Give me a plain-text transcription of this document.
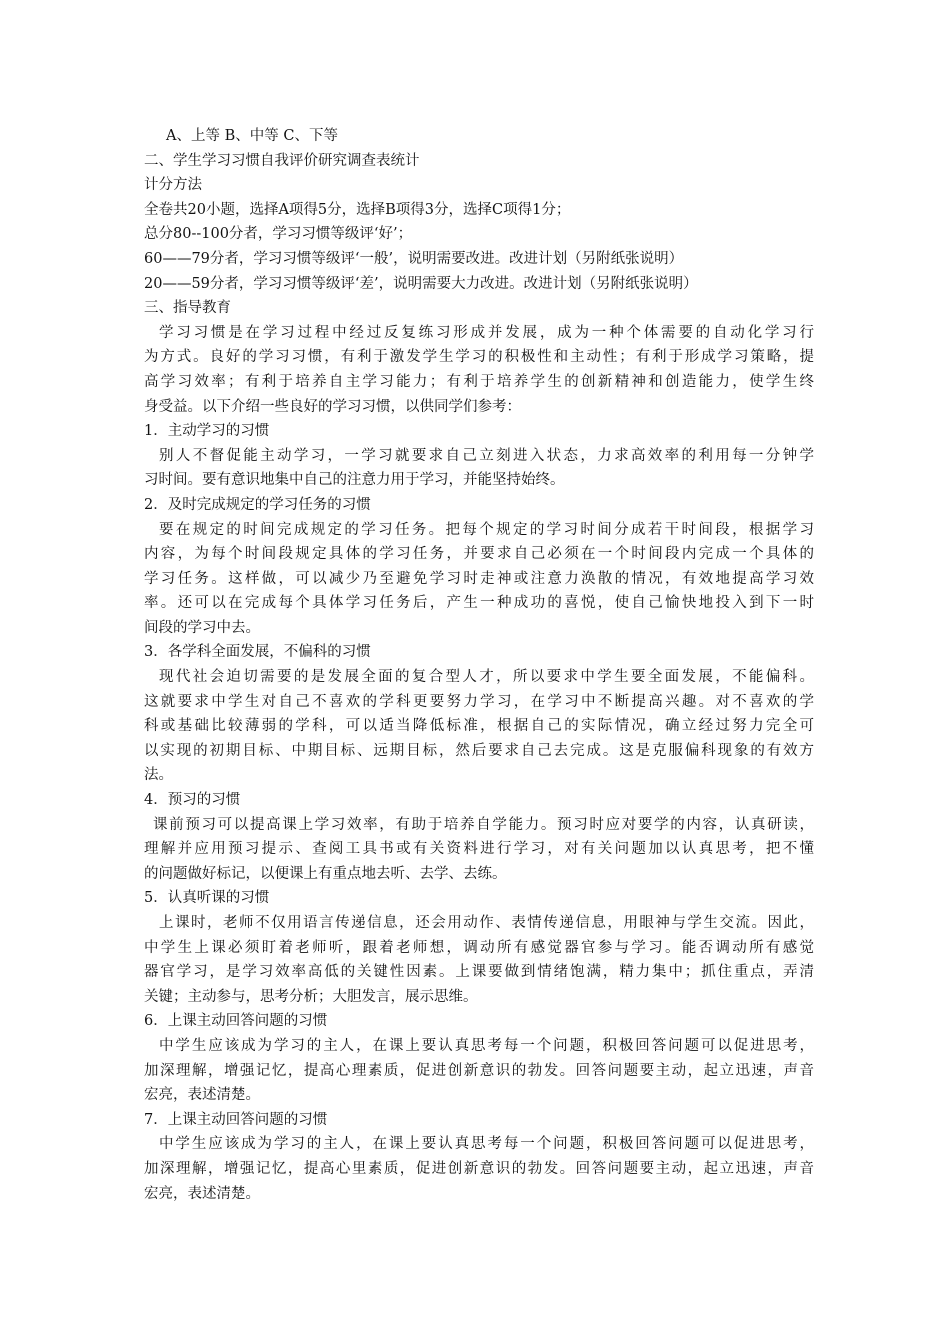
A、上等 B、中等 C、下等
二、学生学习习惯自我评价研究调查表统计
计分方法
全卷共20小题，选择A项得5分，选择B项得3分，选择C项得1分；
总分80--100分者，学习习惯等级评‘好’；
60——79分者，学习习惯等级评‘一般’，说明需要改进。改进计划（另附纸张说明）
20——59分者，学习习惯等级评‘差’，说明需要大力改进。改进计划（另附纸张说明）
三、指导教育
学习习惯是在学习过程中经过反复练习形成并发展，成为一种个体需要的自动化学习行
为方式。良好的学习习惯，有利于激发学生学习的积极性和主动性；有利于形成学习策略，提
高学习效率；有利于培养自主学习能力；有利于培养学生的创新精神和创造能力，使学生终
身受益。以下介绍一些良好的学习习惯，以供同学们参考：
1．主动学习的习惯
别人不督促能主动学习，一学习就要求自己立刻进入状态，力求高效率的利用每一分钟学
习时间。要有意识地集中自己的注意力用于学习，并能坚持始终。
2．及时完成规定的学习任务的习惯
要在规定的时间完成规定的学习任务。把每个规定的学习时间分成若干时间段，根据学习
内容，为每个时间段规定具体的学习任务，并要求自己必须在一个时间段内完成一个具体的
学习任务。这样做，可以减少乃至避免学习时走神或注意力涣散的情况，有效地提高学习效
率。还可以在完成每个具体学习任务后，产生一种成功的喜悦，使自己愉快地投入到下一时
间段的学习中去。
3．各学科全面发展，不偏科的习惯
现代社会迫切需要的是发展全面的复合型人才，所以要求中学生要全面发展，不能偏科。
这就要求中学生对自己不喜欢的学科更要努力学习，在学习中不断提高兴趣。对不喜欢的学
科或基础比较薄弱的学科，可以适当降低标准，根据自己的实际情况，确立经过努力完全可
以实现的初期目标、中期目标、远期目标，然后要求自己去完成。这是克服偏科现象的有效方
法。
4．预习的习惯
课前预习可以提高课上学习效率，有助于培养自学能力。预习时应对要学的内容，认真研读，
理解并应用预习提示、查阅工具书或有关资料进行学习，对有关问题加以认真思考，把不懂
的问题做好标记，以便课上有重点地去听、去学、去练。
5．认真听课的习惯
上课时，老师不仅用语言传递信息，还会用动作、表情传递信息，用眼神与学生交流。因此，
中学生上课必须盯着老师听，跟着老师想，调动所有感觉器官参与学习。能否调动所有感觉
器官学习，是学习效率高低的关键性因素。上课要做到情绪饱满，精力集中；抓住重点，弄清
关键；主动参与，思考分析；大胆发言，展示思维。
6．上课主动回答问题的习惯
中学生应该成为学习的主人，在课上要认真思考每一个问题，积极回答问题可以促进思考，
加深理解，增强记忆，提高心理素质，促进创新意识的勃发。回答问题要主动，起立迅速，声音
宏亮，表述清楚。
7．上课主动回答问题的习惯
中学生应该成为学习的主人，在课上要认真思考每一个问题，积极回答问题可以促进思考，
加深理解，增强记忆，提高心里素质，促进创新意识的勃发。回答问题要主动，起立迅速，声音
宏亮，表述清楚。
